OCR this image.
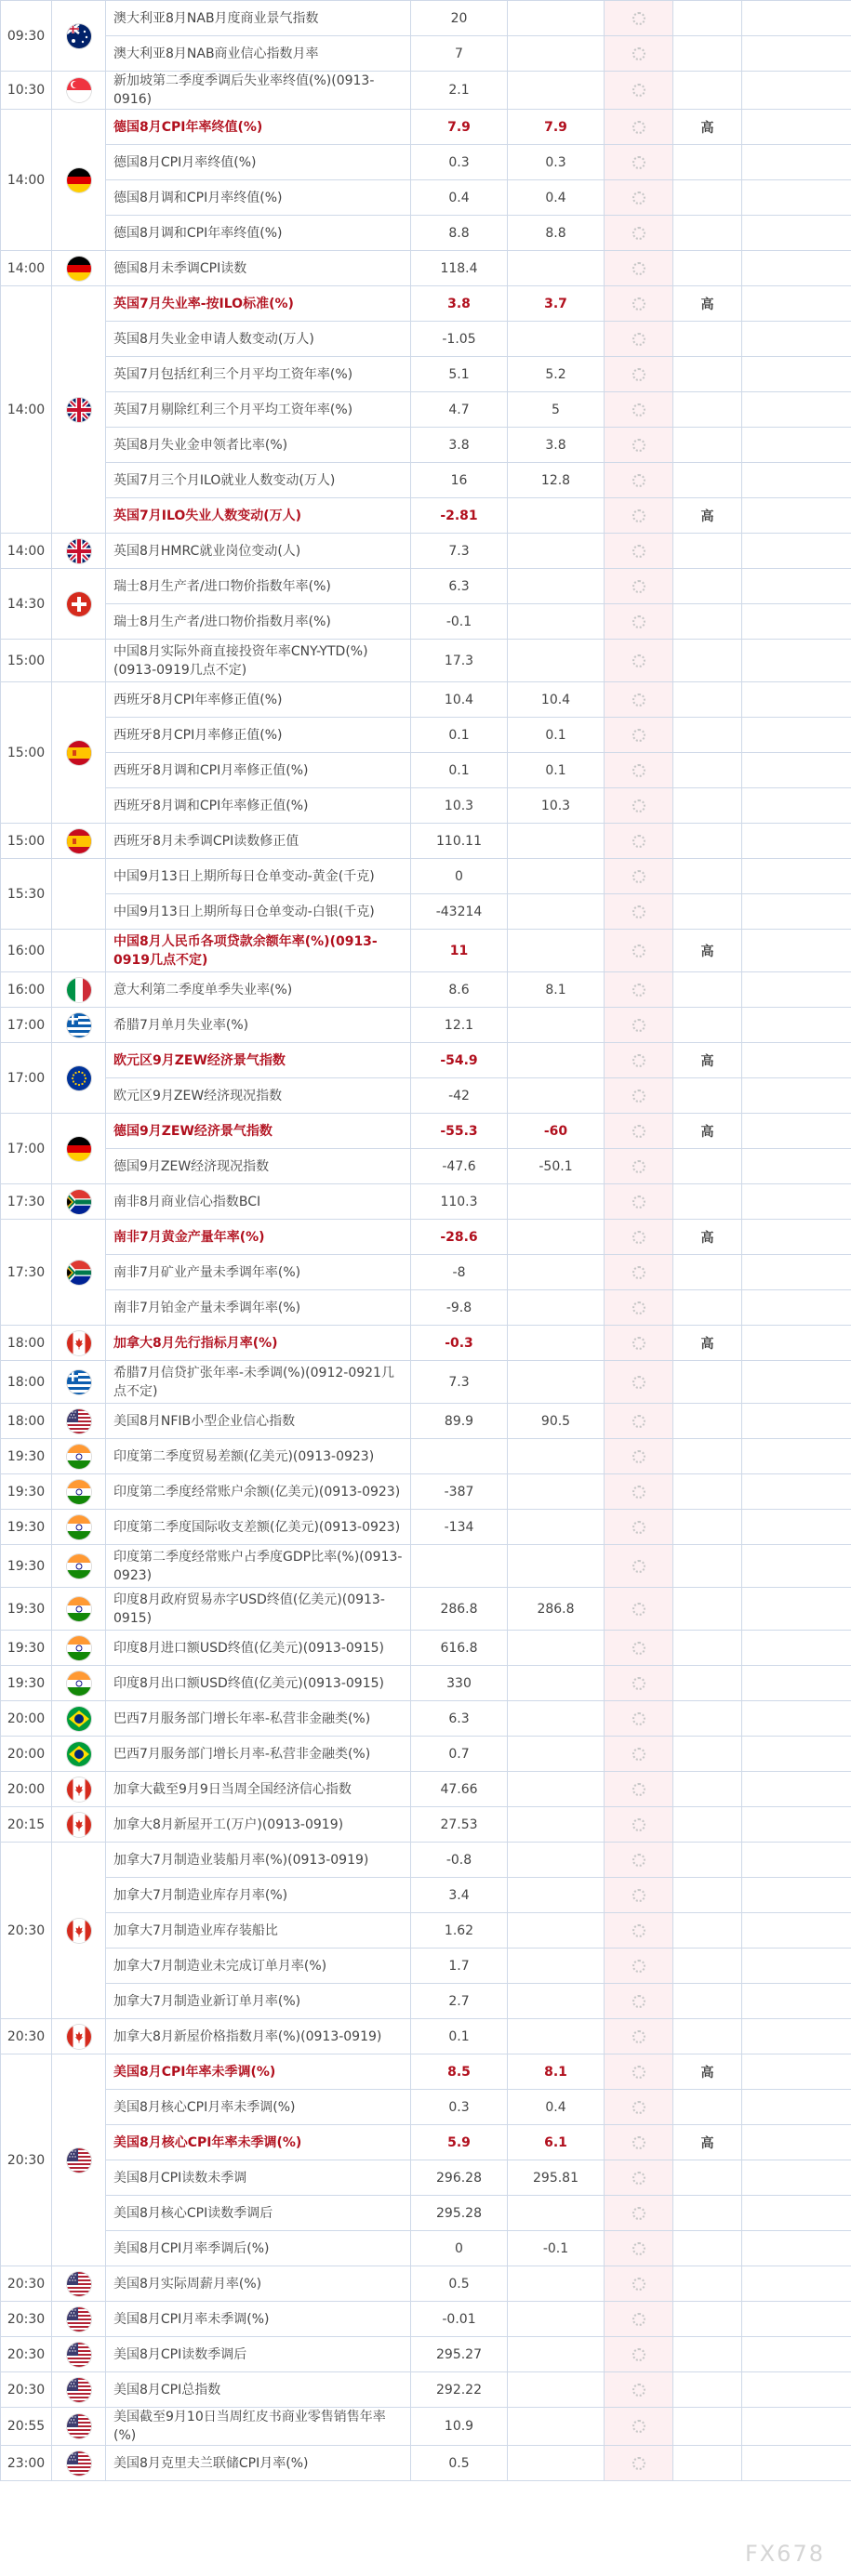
09:30		澳大利亚8月NAB月度商业景气指数	20				
		澳大利亚8月NAB商业信心指数月率	7				
10:30		新加坡第二季度季调后失业率终值(%)(0913-0916)	2.1				
14:00		德国8月CPI年率终值(%)	7.9	7.9		高	
		德国8月CPI月率终值(%)	0.3	0.3			
		德国8月调和CPI月率终值(%)	0.4	0.4			
		德国8月调和CPI年率终值(%)	8.8	8.8			
14:00		德国8月未季调CPI读数	118.4				
14:00		英国7月失业率-按ILO标准(%)	3.8	3.7		高	
		英国8月失业金申请人数变动(万人)	-1.05				
		英国7月包括红利三个月平均工资年率(%)	5.1	5.2			
		英国7月剔除红利三个月平均工资年率(%)	4.7	5			
		英国8月失业金申领者比率(%)	3.8	3.8			
		英国7月三个月ILO就业人数变动(万人)	16	12.8			
		英国7月ILO失业人数变动(万人)	-2.81			高	
14:00		英国8月HMRC就业岗位变动(人)	7.3				
14:30		瑞士8月生产者/进口物价指数年率(%)	6.3				
		瑞士8月生产者/进口物价指数月率(%)	-0.1				
15:00		中国8月实际外商直接投资年率CNY-YTD(%)(0913-0919几点不定)	17.3				
15:00		西班牙8月CPI年率修正值(%)	10.4	10.4			
		西班牙8月CPI月率修正值(%)	0.1	0.1			
		西班牙8月调和CPI月率修正值(%)	0.1	0.1			
		西班牙8月调和CPI年率修正值(%)	10.3	10.3			
15:00		西班牙8月未季调CPI读数修正值	110.11				
15:30		中国9月13日上期所每日仓单变动-黄金(千克)	0				
		中国9月13日上期所每日仓单变动-白银(千克)	-43214				
16:00		中国8月人民币各项贷款余额年率(%)(0913-0919几点不定)	11			高	
16:00		意大利第二季度单季失业率(%)	8.6	8.1			
17:00		希腊7月单月失业率(%)	12.1				
17:00		欧元区9月ZEW经济景气指数	-54.9			高	
		欧元区9月ZEW经济现况指数	-42				
17:00		德国9月ZEW经济景气指数	-55.3	-60		高	
		德国9月ZEW经济现况指数	-47.6	-50.1			
17:30		南非8月商业信心指数BCI	110.3				
17:30		南非7月黄金产量年率(%)	-28.6			高	
		南非7月矿业产量未季调年率(%)	-8				
		南非7月铂金产量未季调年率(%)	-9.8				
18:00		加拿大8月先行指标月率(%)	-0.3			高	
18:00		希腊7月信贷扩张年率-未季调(%)(0912-0921几点不定)	7.3				
18:00		美国8月NFIB小型企业信心指数	89.9	90.5			
19:30		印度第二季度贸易差额(亿美元)(0913-0923)					
19:30		印度第二季度经常账户余额(亿美元)(0913-0923)	-387				
19:30		印度第二季度国际收支差额(亿美元)(0913-0923)	-134				
19:30		印度第二季度经常账户占季度GDP比率(%)(0913-0923)					
19:30		印度8月政府贸易赤字USD终值(亿美元)(0913-0915)	286.8	286.8			
19:30		印度8月进口额USD终值(亿美元)(0913-0915)	616.8				
19:30		印度8月出口额USD终值(亿美元)(0913-0915)	330				
20:00		巴西7月服务部门增长年率-私营非金融类(%)	6.3				
20:00		巴西7月服务部门增长月率-私营非金融类(%)	0.7				
20:00		加拿大截至9月9日当周全国经济信心指数	47.66				
20:15		加拿大8月新屋开工(万户)(0913-0919)	27.53				
20:30		加拿大7月制造业装船月率(%)(0913-0919)	-0.8				
		加拿大7月制造业库存月率(%)	3.4				
		加拿大7月制造业库存装船比	1.62				
		加拿大7月制造业未完成订单月率(%)	1.7				
		加拿大7月制造业新订单月率(%)	2.7				
20:30		加拿大8月新屋价格指数月率(%)(0913-0919)	0.1				
20:30		美国8月CPI年率未季调(%)	8.5	8.1		高	
		美国8月核心CPI月率未季调(%)	0.3	0.4			
		美国8月核心CPI年率未季调(%)	5.9	6.1		高	
		美国8月CPI读数未季调	296.28	295.81			
		美国8月核心CPI读数季调后	295.28				
		美国8月CPI月率季调后(%)	0	-0.1			
20:30		美国8月实际周薪月率(%)	0.5				
20:30		美国8月CPI月率未季调(%)	-0.01				
20:30		美国8月CPI读数季调后	295.27				
20:30		美国8月CPI总指数	292.22				
20:55		美国截至9月10日当周红皮书商业零售销售年率(%)	10.9				
23:00		美国8月克里夫兰联储CPI月率(%)	0.5				
FX678
